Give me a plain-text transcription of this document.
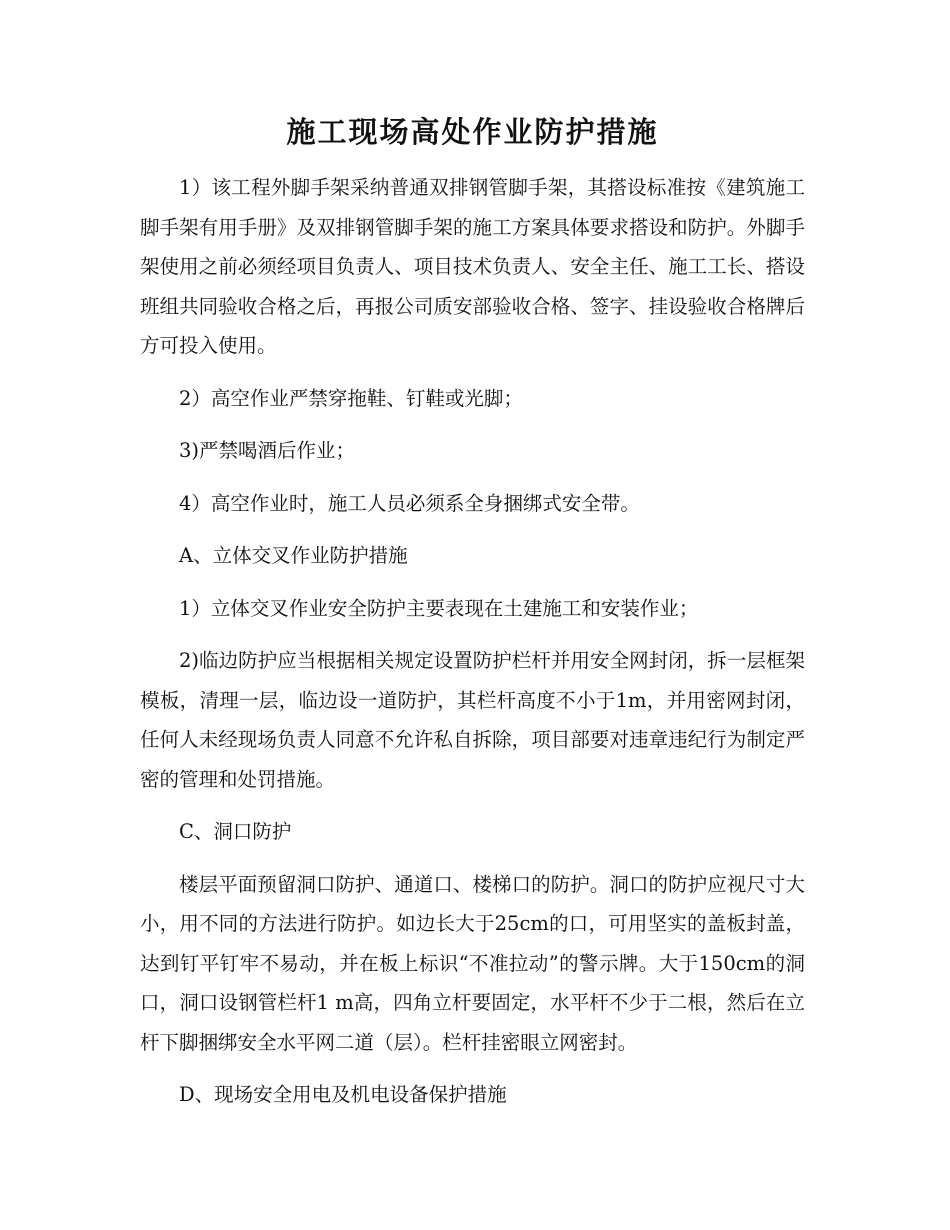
施工现场高处作业防护措施

1）该工程外脚手架采纳普通双排钢管脚手架，其搭设标准按《建筑施工脚手架有用手册》及双排钢管脚手架的施工方案具体要求搭设和防护。外脚手架使用之前必须经项目负责人、项目技术负责人、安全主任、施工工长、搭设班组共同验收合格之后，再报公司质安部验收合格、签字、挂设验收合格牌后方可投入使用。

2）高空作业严禁穿拖鞋、钉鞋或光脚；

3)严禁喝酒后作业；

4）高空作业时，施工人员必须系全身捆绑式安全带。

A、立体交叉作业防护措施

1）立体交叉作业安全防护主要表现在土建施工和安装作业；

2)临边防护应当根据相关规定设置防护栏杆并用安全网封闭，拆一层框架模板，清理一层，临边设一道防护，其栏杆高度不小于1m，并用密网封闭，任何人未经现场负责人同意不允许私自拆除，项目部要对违章违纪行为制定严密的管理和处罚措施。

C、洞口防护

楼层平面预留洞口防护、通道口、楼梯口的防护。洞口的防护应视尺寸大小，用不同的方法进行防护。如边长大于25cm的口，可用坚实的盖板封盖，达到钉平钉牢不易动，并在板上标识“不准拉动”的警示牌。大于150cm的洞口，洞口设钢管栏杆1 m高，四角立杆要固定，水平杆不少于二根，然后在立杆下脚捆绑安全水平网二道（层）。栏杆挂密眼立网密封。

D、现场安全用电及机电设备保护措施
